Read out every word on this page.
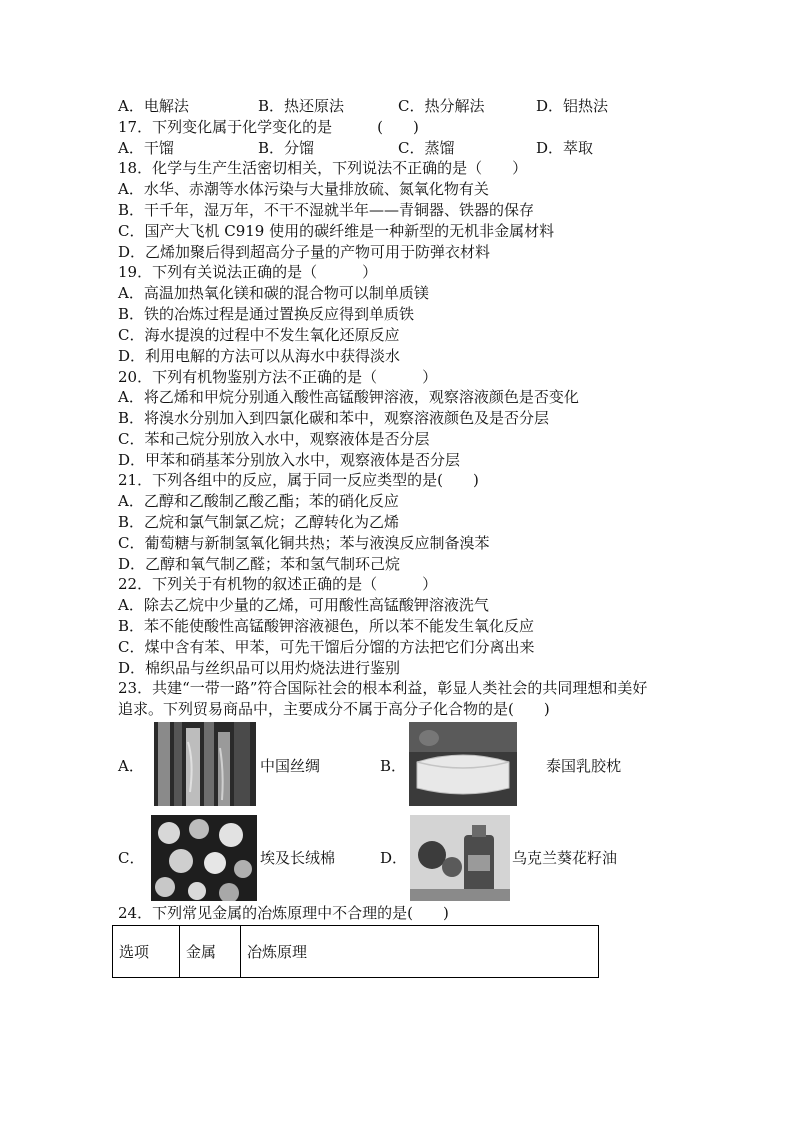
A．电解法	B．热还原法	C．热分解法	D．铝热法
17．下列变化属于化学变化的是　　　(　　)
A．干馏	B．分馏	C．蒸馏	D．萃取
18．化学与生产生活密切相关，下列说法不正确的是（　　）
A．水华、赤潮等水体污染与大量排放硫、氮氧化物有关
B．干千年，湿万年，不干不湿就半年——青铜器、铁器的保存
C．国产大飞机 C919 使用的碳纤维是一种新型的无机非金属材料
D．乙烯加聚后得到超高分子量的产物可用于防弹衣材料
19．下列有关说法正确的是（　　　）
A．高温加热氧化镁和碳的混合物可以制单质镁
B．铁的冶炼过程是通过置换反应得到单质铁
C．海水提溴的过程中不发生氧化还原反应
D．利用电解的方法可以从海水中获得淡水
20．下列有机物鉴别方法不正确的是（　　　）
A．将乙烯和甲烷分别通入酸性高锰酸钾溶液，观察溶液颜色是否变化
B．将溴水分别加入到四氯化碳和苯中，观察溶液颜色及是否分层
C．苯和己烷分别放入水中，观察液体是否分层
D．甲苯和硝基苯分别放入水中，观察液体是否分层
21．下列各组中的反应，属于同一反应类型的是(　　)
A．乙醇和乙酸制乙酸乙酯；苯的硝化反应
B．乙烷和氯气制氯乙烷；乙醇转化为乙烯
C．葡萄糖与新制氢氧化铜共热；苯与液溴反应制备溴苯
D．乙醇和氧气制乙醛；苯和氢气制环己烷
22．下列关于有机物的叙述正确的是（　　　）
A．除去乙烷中少量的乙烯，可用酸性高锰酸钾溶液洗气
B．苯不能使酸性高锰酸钾溶液褪色，所以苯不能发生氧化反应
C．煤中含有苯、甲苯，可先干馏后分馏的方法把它们分离出来
D．棉织品与丝织品可以用灼烧法进行鉴别
23．共建“一带一路”符合国际社会的根本利益，彰显人类社会的共同理想和美好
追求。下列贸易商品中，主要成分不属于高分子化合物的是(　　)
A．	中国丝绸	B．	泰国乳胶枕
C．	埃及长绒棉	D．	乌克兰葵花籽油
24．下列常见金属的冶炼原理中不合理的是(　　)
选项	金属	冶炼原理
